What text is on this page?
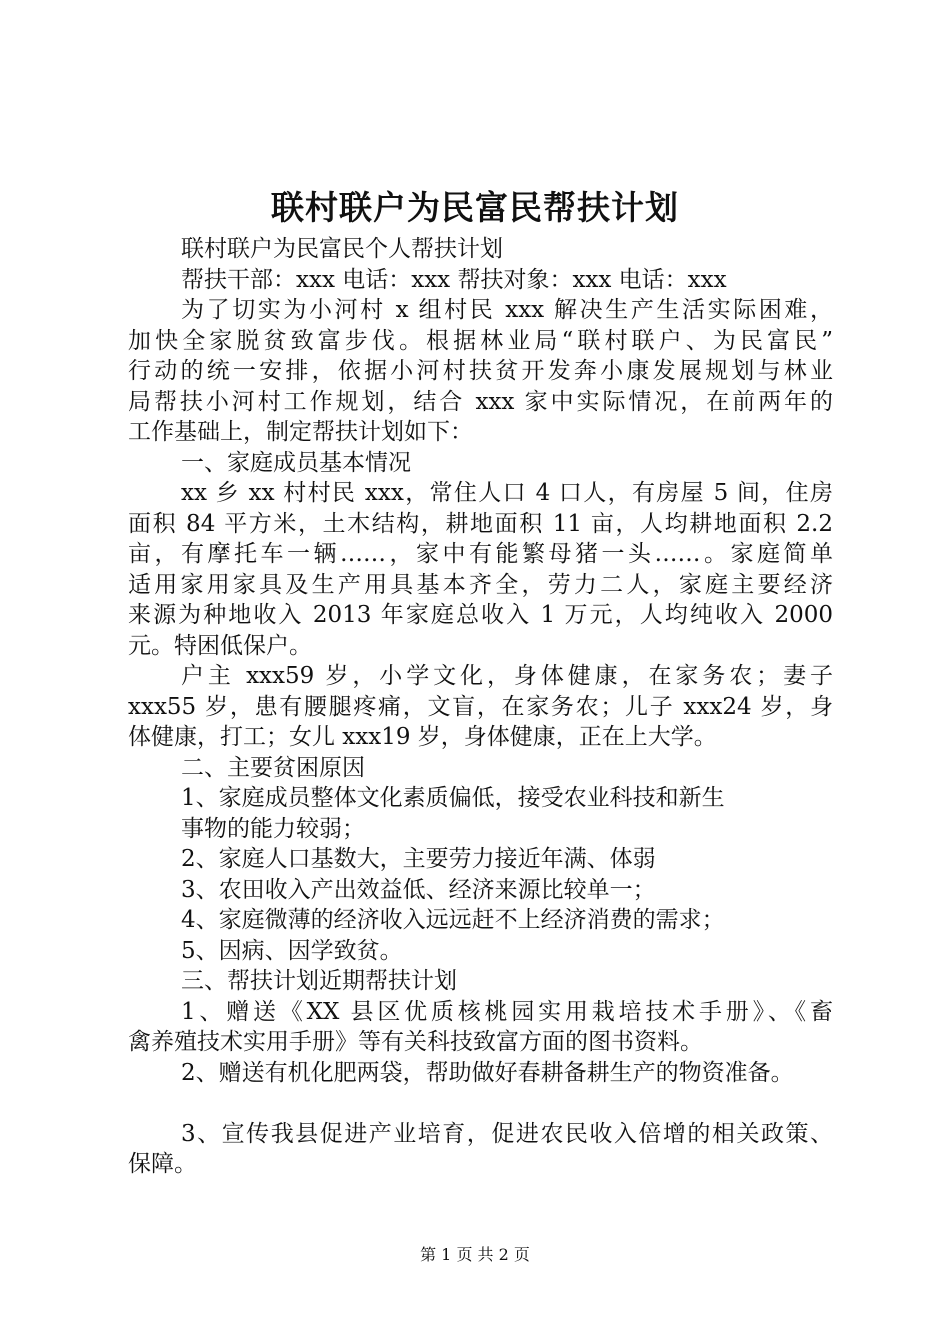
联村联户为民富民帮扶计划
联村联户为民富民个人帮扶计划
帮扶干部：xxx 电话：xxx 帮扶对象：xxx 电话：xxx
为了切实为小河村 x 组村民 xxx 解决生产生活实际困难，
加快全家脱贫致富步伐。根据林业局“联村联户、为民富民”
行动的统一安排，依据小河村扶贫开发奔小康发展规划与林业
局帮扶小河村工作规划，结合 xxx 家中实际情况，在前两年的
工作基础上，制定帮扶计划如下：
一、家庭成员基本情况
xx 乡 xx 村村民 xxx，常住人口 4 口人，有房屋 5 间，住房
面积 84 平方米，土木结构，耕地面积 11 亩，人均耕地面积 2.2
亩，有摩托车一辆……，家中有能繁母猪一头……。家庭简单
适用家用家具及生产用具基本齐全，劳力二人，家庭主要经济
来源为种地收入 2013 年家庭总收入 1 万元，人均纯收入 2000
元。特困低保户。
户主 xxx59 岁，小学文化，身体健康，在家务农；妻子
xxx55 岁，患有腰腿疼痛，文盲，在家务农；儿子 xxx24 岁，身
体健康，打工；女儿 xxx19 岁，身体健康，正在上大学。
二、主要贫困原因
1、家庭成员整体文化素质偏低，接受农业科技和新生
事物的能力较弱；
2、家庭人口基数大，主要劳力接近年满、体弱
3、农田收入产出效益低、经济来源比较单一；
4、家庭微薄的经济收入远远赶不上经济消费的需求；
5、因病、因学致贫。
三、帮扶计划近期帮扶计划
1、赠送《XX 县区优质核桃园实用栽培技术手册》、《畜
禽养殖技术实用手册》等有关科技致富方面的图书资料。
2、赠送有机化肥两袋，帮助做好春耕备耕生产的物资准备。
3、宣传我县促进产业培育，促进农民收入倍增的相关政策、
保障。
第 1 页 共 2 页
